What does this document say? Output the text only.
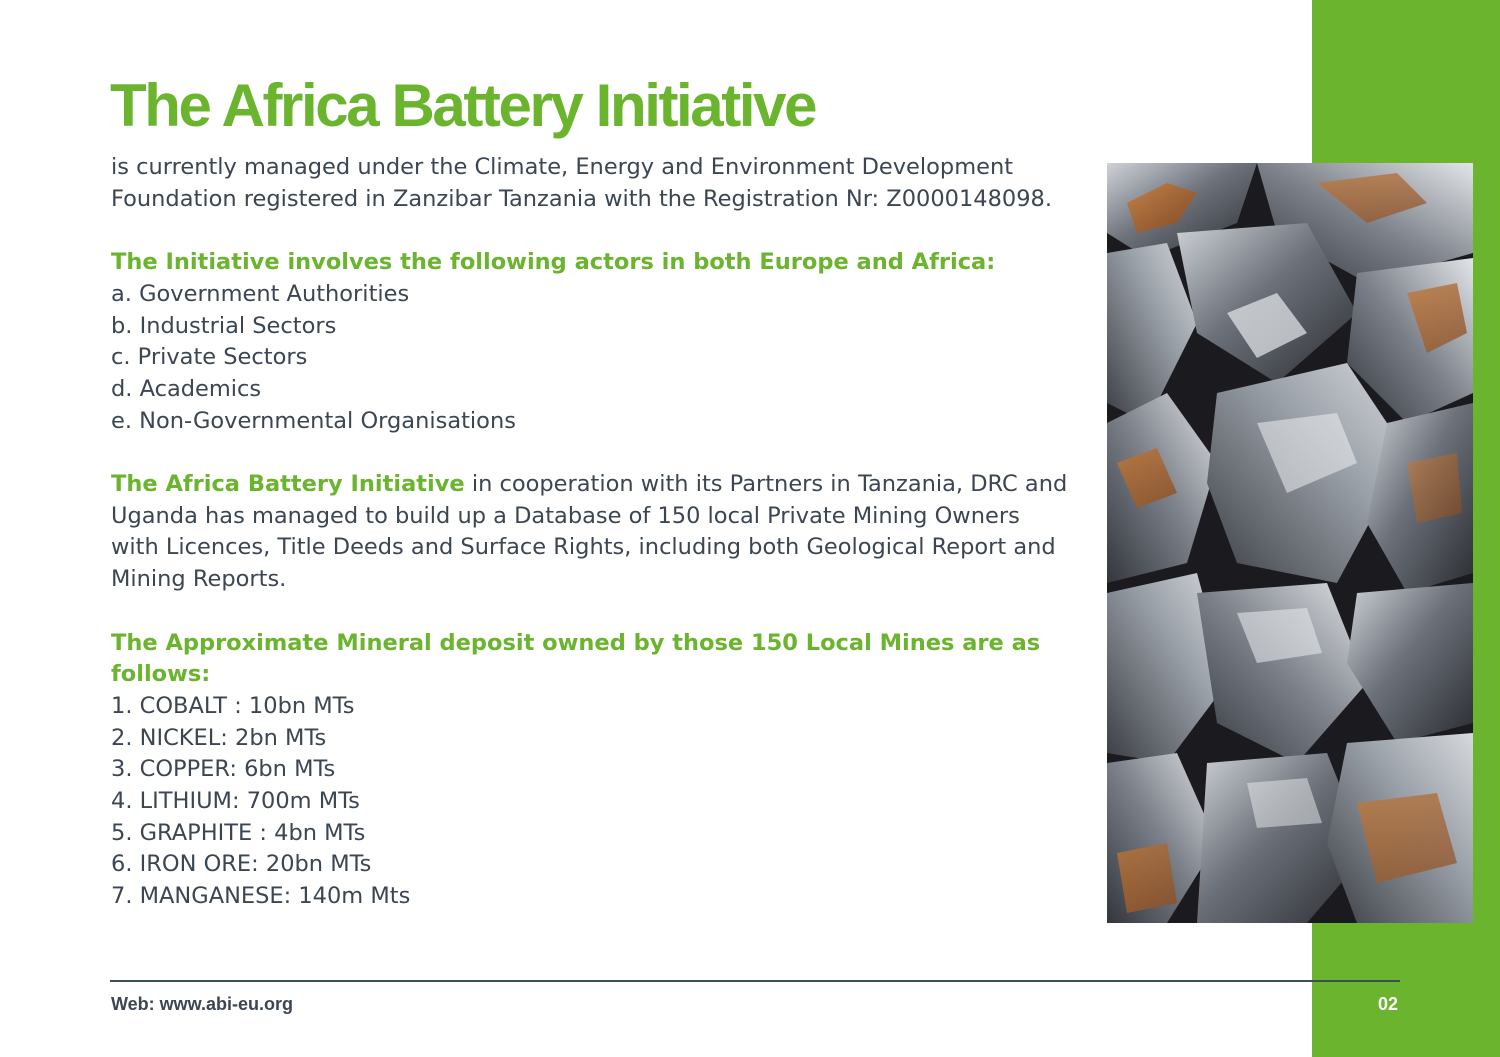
The Africa Battery Initiative

is currently managed under the Climate, Energy and Environment Development Foundation registered in Zanzibar Tanzania with the Registration Nr: Z0000148098.

The Initiative involves the following actors in both Europe and Africa:

a. Government Authorities
b. Industrial Sectors
c. Private Sectors
d. Academics
e. Non-Governmental Organisations

The Africa Battery Initiative in cooperation with its Partners in Tanzania, DRC and Uganda has managed to build up a Database of 150 local Private Mining Owners with Licences, Title Deeds and Surface Rights, including both Geological Report and Mining Reports.

The Approximate Mineral deposit owned by those 150 Local Mines are as follows:

1. COBALT : 10bn MTs
2. NICKEL: 2bn MTs
3. COPPER: 6bn MTs
4. LITHIUM: 700m MTs
5. GRAPHITE : 4bn MTs
6. IRON ORE: 20bn MTs
7. MANGANESE: 140m Mts
Web: www.abi-eu.org	02
